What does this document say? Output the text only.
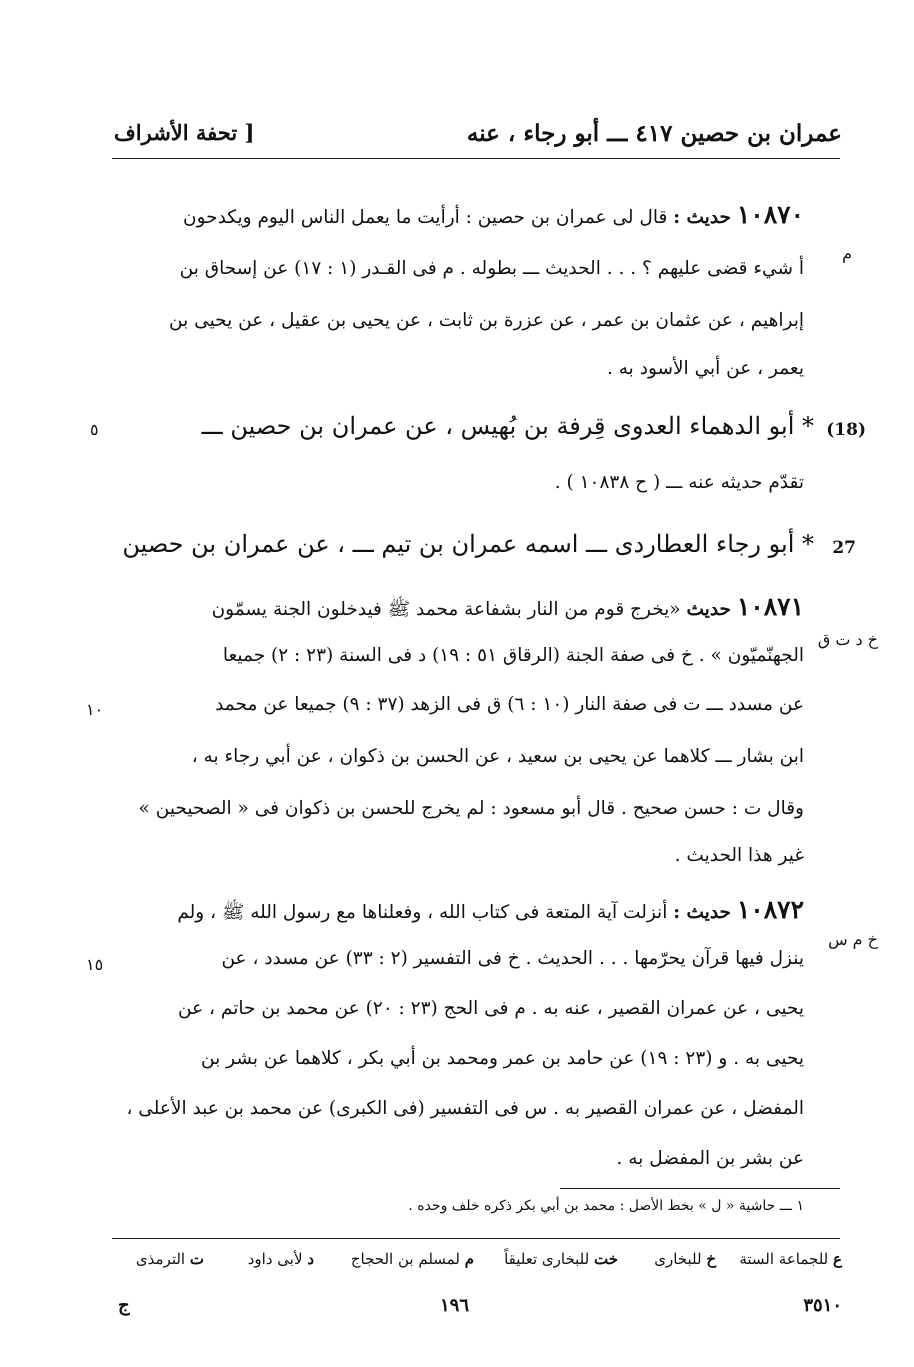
عمران بن حصين ٤١٧ ـــ أبو رجاء ، عنه
[ تحفة الأشراف
١٠٨٧٠ حديث : قال لى عمران بن حصين : أرأيت ما يعمل الناس اليوم ويكدحون
أ شيء قضى عليهم ؟ . . . الحديث ـــ بطوله . م فى القـدر (١ : ١٧) عن إسحاق بن
إبراهيم ، عن عثمان بن عمر ، عن عزرة بن ثابت ، عن يحيى بن عقيل ، عن يحيى بن
يعمر ، عن أبي الأسود به .
م
(18)
* أبو الدهماء العدوى قِرفة بن بُهيس ، عن عمران بن حصين ـــ
٥
تقدّم حديثه عنه ـــ ( ح ١٠٨٣٨ ) .
27
* أبو رجاء العطاردى ـــ اسمه عمران بن تيم ـــ ، عن عمران بن حصين
١٠٨٧١ حديث «يخرج قوم من النار بشفاعة محمد ﷺ فيدخلون الجنة يسمّون
الجهنّميّون » . خ فى صفة الجنة (الرقاق ٥١ : ١٩) د فى السنة (٢٣ : ٢) جميعا
عن مسدد ـــ ت فى صفة النار (١٠ : ٦) ق فى الزهد (٣٧ : ٩) جميعا عن محمد
ابن بشار ـــ كلاهما عن يحيى بن سعيد ، عن الحسن بن ذكوان ، عن أبي رجاء به ،
وقال ت : حسن صحيح . قال أبو مسعود : لم يخرج للحسن بن ذكوان فى « الصحيحين »
غير هذا الحديث .
خ د ت ق
١٠
١٠٨٧٢ حديث : أنزلت آية المتعة فى كتاب الله ، وفعلناها مع رسول الله ﷺ ، ولم
ينزل فيها قرآن يحرّمها . . . الحديث . خ فى التفسير (٢ : ٣٣) عن مسدد ، عن
يحيى ، عن عمران القصير ، عنه به . م فى الحج (٢٣ : ٢٠) عن محمد بن حاتم ، عن
يحيى به . و (٢٣ : ١٩) عن حامد بن عمر ومحمد بن أبي بكر ، كلاهما عن بشر بن
المفضل ، عن عمران القصير به . س فى التفسير (فى الكبرى) عن محمد بن عبد الأعلى ،
عن بشر بن المفضل به .
خ م س
١٥
١ ـــ حاشية « ل » بخط الأصل : محمد بن أبي بكر ذكره خلف وحده .
ع للجماعة الستة
خ للبخارى
خت للبخارى تعليقاً
م لمسلم بن الحجاج
د لأبى داود
ت الترمذى
٣٥١٠
١٩٦
ج
